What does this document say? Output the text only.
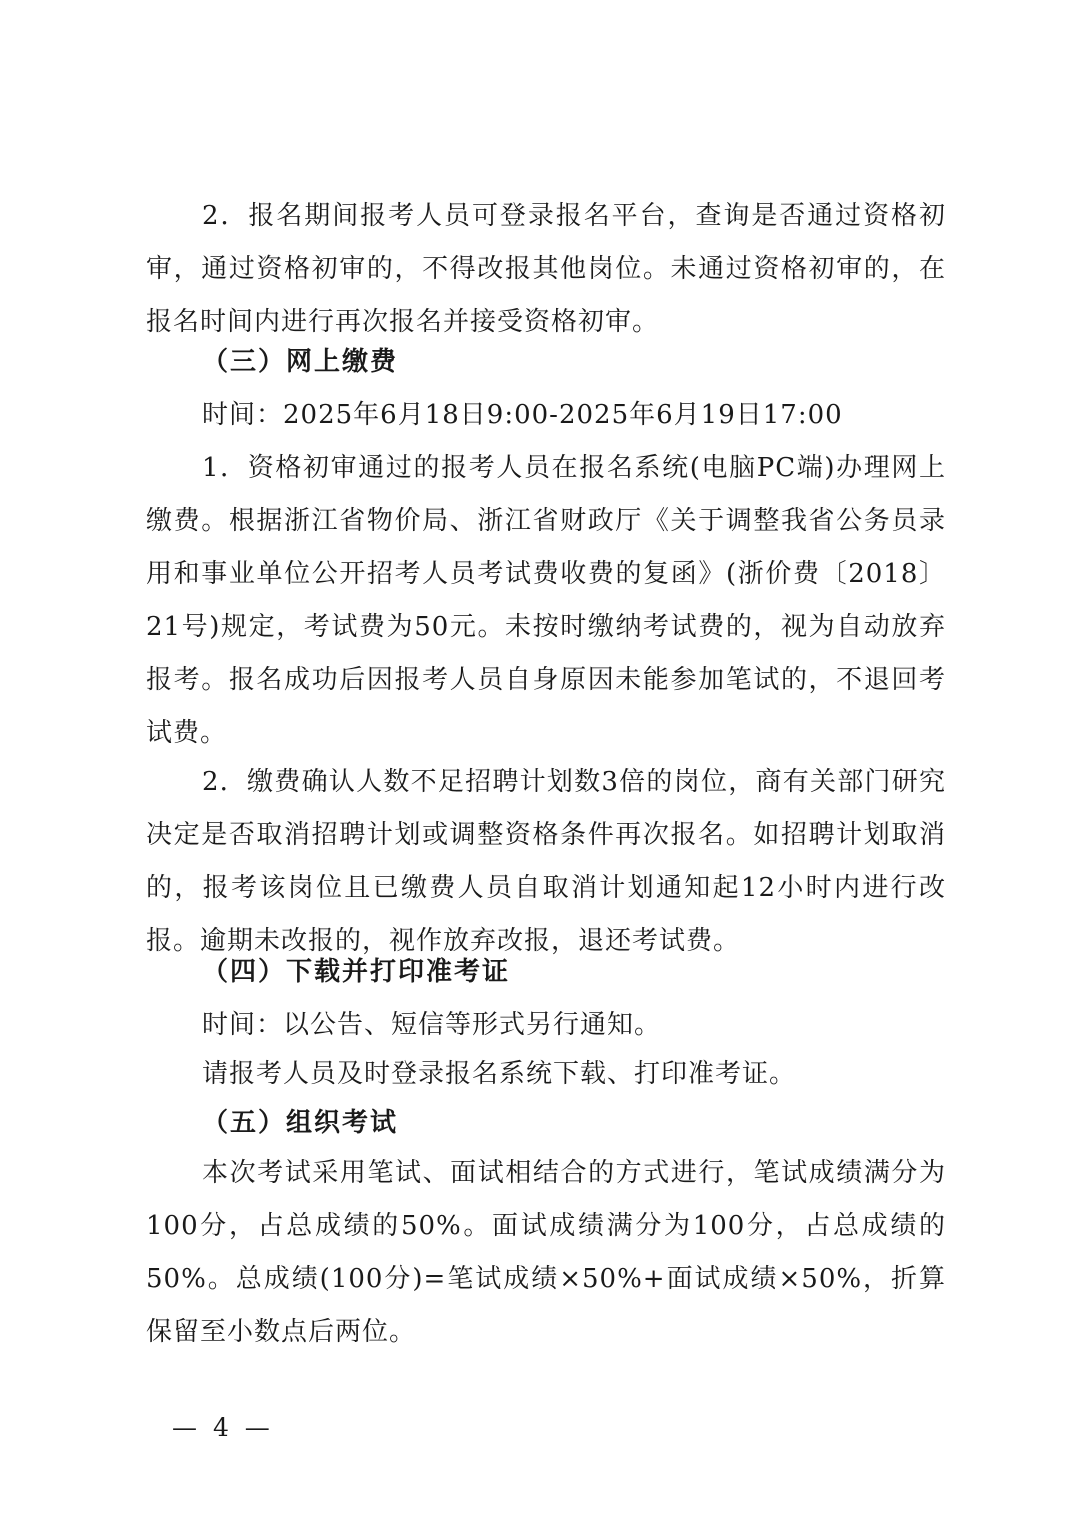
2．报名期间报考人员可登录报名平台，查询是否通过资格初审，通过资格初审的，不得改报其他岗位。未通过资格初审的，在报名时间内进行再次报名并接受资格初审。
（三）网上缴费
时间：2025年6月18日9:00-2025年6月19日17:00
1．资格初审通过的报考人员在报名系统(电脑PC端)办理网上缴费。根据浙江省物价局、浙江省财政厅《关于调整我省公务员录用和事业单位公开招考人员考试费收费的复函》(浙价费〔2018〕21号)规定，考试费为50元。未按时缴纳考试费的，视为自动放弃报考。报名成功后因报考人员自身原因未能参加笔试的，不退回考试费。
2．缴费确认人数不足招聘计划数3倍的岗位，商有关部门研究决定是否取消招聘计划或调整资格条件再次报名。如招聘计划取消的，报考该岗位且已缴费人员自取消计划通知起12小时内进行改报。逾期未改报的，视作放弃改报，退还考试费。
（四）下载并打印准考证
时间：以公告、短信等形式另行通知。
请报考人员及时登录报名系统下载、打印准考证。
（五）组织考试
本次考试采用笔试、面试相结合的方式进行，笔试成绩满分为100分，占总成绩的50%。面试成绩满分为100分，占总成绩的50%。总成绩(100分)=笔试成绩×50%+面试成绩×50%，折算保留至小数点后两位。
— 4 —
